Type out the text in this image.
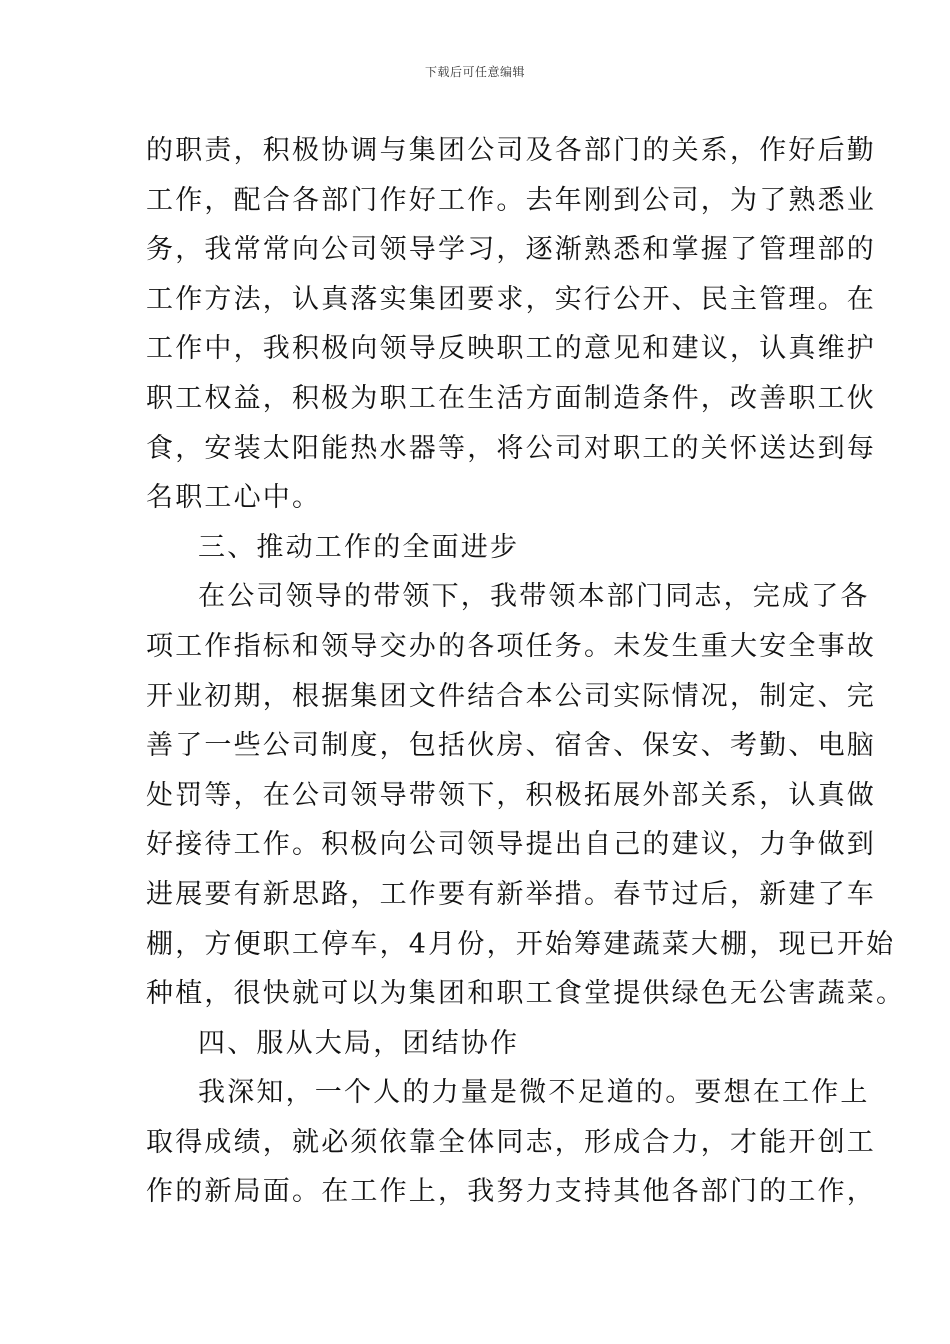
下载后可任意编辑
的职责，积极协调与集团公司及各部门的关系，作好后勤
工作，配合各部门作好工作。去年刚到公司，为了熟悉业
务，我常常向公司领导学习，逐渐熟悉和掌握了管理部的
工作方法，认真落实集团要求，实行公开、民主管理。在
工作中，我积极向领导反映职工的意见和建议，认真维护
职工权益，积极为职工在生活方面制造条件，改善职工伙
食，安装太阳能热水器等，将公司对职工的关怀送达到每
名职工心中。
三、推动工作的全面进步
在公司领导的带领下，我带领本部门同志，完成了各
项工作指标和领导交办的各项任务。未发生重大安全事故
开业初期，根据集团文件结合本公司实际情况，制定、完
善了一些公司制度，包括伙房、宿舍、保安、考勤、电脑
处罚等，在公司领导带领下，积极拓展外部关系，认真做
好接待工作。积极向公司领导提出自己的建议，力争做到
进展要有新思路，工作要有新举措。春节过后，新建了车
棚，方便职工停车，4月份，开始筹建蔬菜大棚，现已开始
种植，很快就可以为集团和职工食堂提供绿色无公害蔬菜。
四、服从大局，团结协作
我深知，一个人的力量是微不足道的。要想在工作上
取得成绩，就必须依靠全体同志，形成合力，才能开创工
作的新局面。在工作上，我努力支持其他各部门的工作，
